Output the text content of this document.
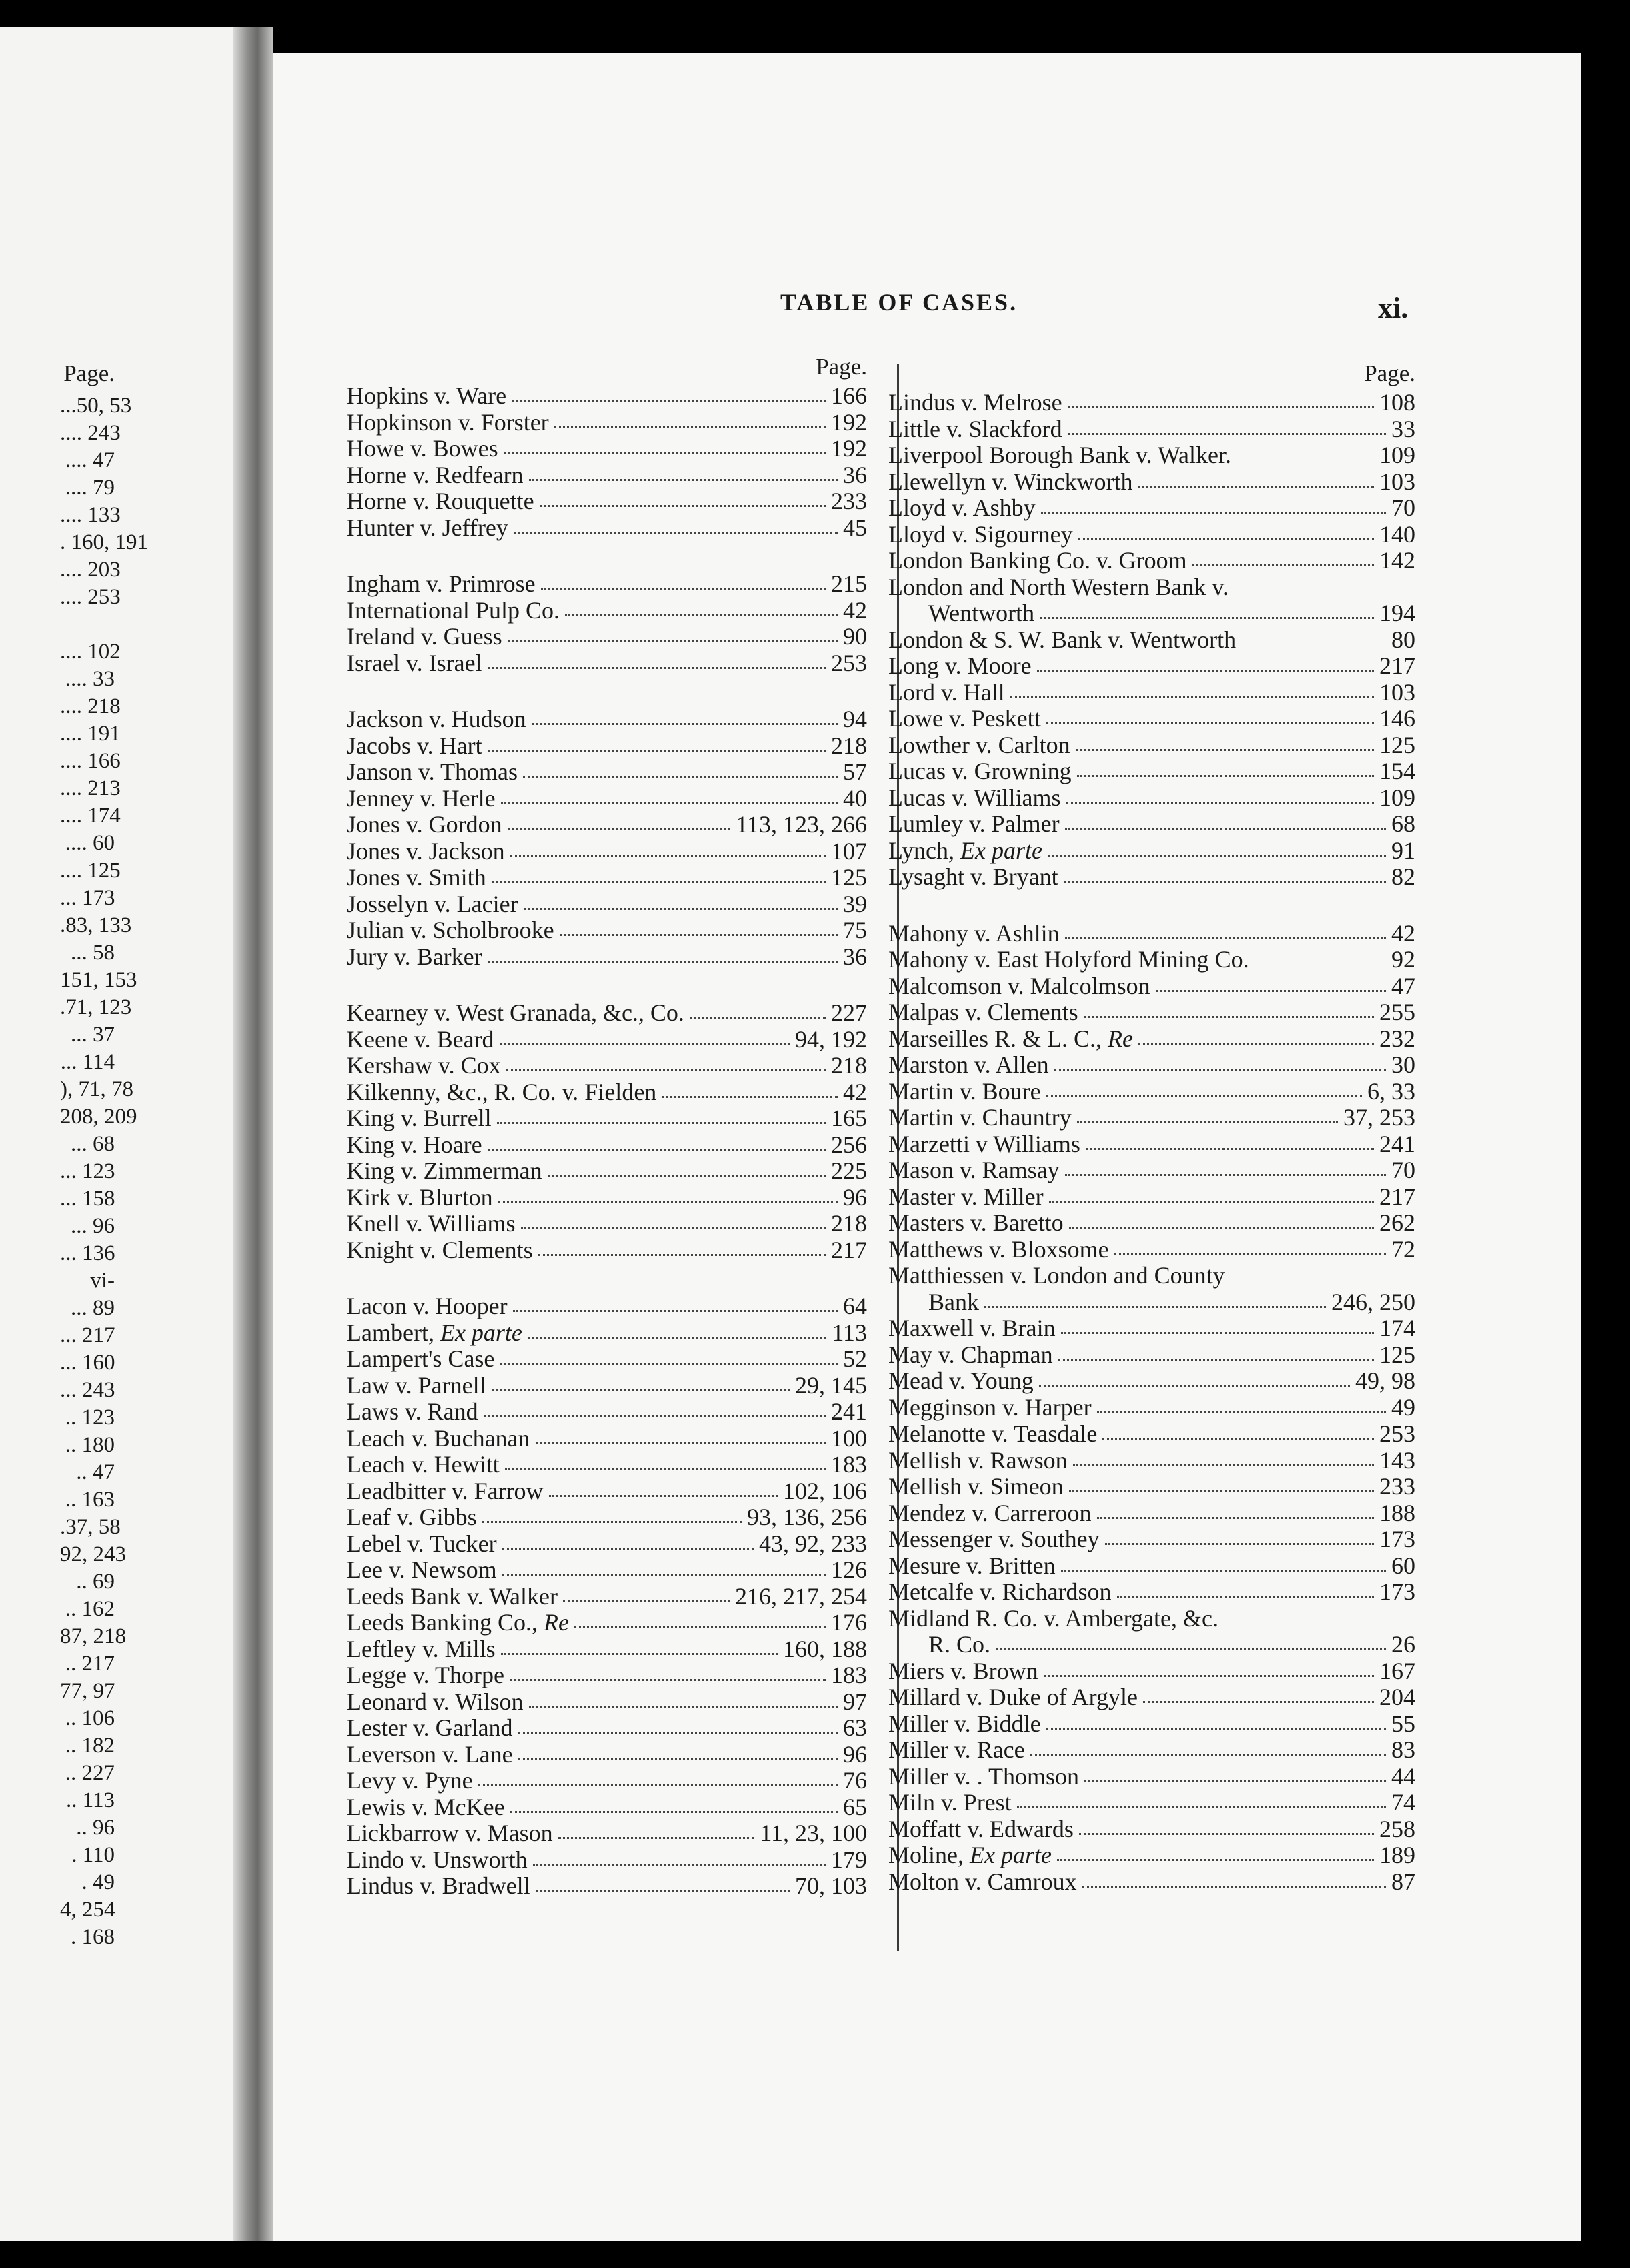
Page.
...50, 53
.... 243
.... 47
.... 79
.... 133
. 160, 191
.... 203
.... 253
.... 102
.... 33
.... 218
.... 191
.... 166
.... 213
.... 174
.... 60
.... 125
... 173
.83, 133
... 58
151, 153
.71, 123
... 37
... 114
), 71, 78
208, 209
... 68
... 123
... 158
... 96
... 136
vi-
... 89
... 217
... 160
... 243
.. 123
.. 180
.. 47
.. 163
.37, 58
92, 243
.. 69
.. 162
87, 218
.. 217
77, 97
.. 106
.. 182
.. 227
.. 113
.. 96
. 110
. 49
4, 254
. 168
TABLE OF CASES.	xi.
Page.
Hopkins v. Ware	166
Hopkinson v. Forster	192
Howe v. Bowes	192
Horne v. Redfearn	36
Horne v. Rouquette	233
Hunter v. Jeffrey	45
Ingham v. Primrose	215
International Pulp Co.	42
Ireland v. Guess	90
Israel v. Israel	253
Jackson v. Hudson	94
Jacobs v. Hart	218
Janson v. Thomas	57
Jenney v. Herle	40
Jones v. Gordon	113, 123, 266
Jones v. Jackson	107
Jones v. Smith	125
Josselyn v. Lacier	39
Julian v. Scholbrooke	75
Jury v. Barker	36
Kearney v. West Granada, &c., Co.	227
Keene v. Beard	94, 192
Kershaw v. Cox	218
Kilkenny, &c., R. Co. v. Fielden	42
King v. Burrell	165
King v. Hoare	256
King v. Zimmerman	225
Kirk v. Blurton	96
Knell v. Williams	218
Knight v. Clements	217
Lacon v. Hooper	64
Lambert, Ex parte	113
Lampert's Case	52
Law v. Parnell	29, 145
Laws v. Rand	241
Leach v. Buchanan	100
Leach v. Hewitt	183
Leadbitter v. Farrow	102, 106
Leaf v. Gibbs	93, 136, 256
Lebel v. Tucker	43, 92, 233
Lee v. Newsom	126
Leeds Bank v. Walker	216, 217, 254
Leeds Banking Co., Re	176
Leftley v. Mills	160, 188
Legge v. Thorpe	183
Leonard v. Wilson	97
Lester v. Garland	63
Leverson v. Lane	96
Levy v. Pyne	76
Lewis v. McKee	65
Lickbarrow v. Mason	11, 23, 100
Lindo v. Unsworth	179
Lindus v. Bradwell	70, 103
Page.
Lindus v. Melrose	108
Little v. Slackford	33
Liverpool Borough Bank v. Walker.	109
Llewellyn v. Winckworth	103
Lloyd v. Ashby	70
Lloyd v. Sigourney	140
London Banking Co. v. Groom	142
London and North Western Bank v.
Wentworth	194
London & S. W. Bank v. Wentworth	80
Long v. Moore	217
Lord v. Hall	103
Lowe v. Peskett	146
Lowther v. Carlton	125
Lucas v. Growning	154
Lucas v. Williams	109
Lumley v. Palmer	68
Lynch, Ex parte	91
Lysaght v. Bryant	82
Mahony v. Ashlin	42
Mahony v. East Holyford Mining Co.	92
Malcomson v. Malcolmson	47
Malpas v. Clements	255
Marseilles R. & L. C., Re	232
Marston v. Allen	30
Martin v. Boure	6, 33
Martin v. Chauntry	37, 253
Marzetti v Williams	241
Mason v. Ramsay	70
Master v. Miller	217
Masters v. Baretto	262
Matthews v. Bloxsome	72
Matthiessen v. London and County
Bank	246, 250
Maxwell v. Brain	174
May v. Chapman	125
Mead v. Young	49, 98
Megginson v. Harper	49
Melanotte v. Teasdale	253
Mellish v. Rawson	143
Mellish v. Simeon	233
Mendez v. Carreroon	188
Messenger v. Southey	173
Mesure v. Britten	60
Metcalfe v. Richardson	173
Midland R. Co. v. Ambergate, &c.
R. Co.	26
Miers v. Brown	167
Millard v. Duke of Argyle	204
Miller v. Biddle	55
Miller v. Race	83
Miller v. . Thomson	44
Miln v. Prest	74
Moffatt v. Edwards	258
Moline, Ex parte	189
Molton v. Camroux	87
